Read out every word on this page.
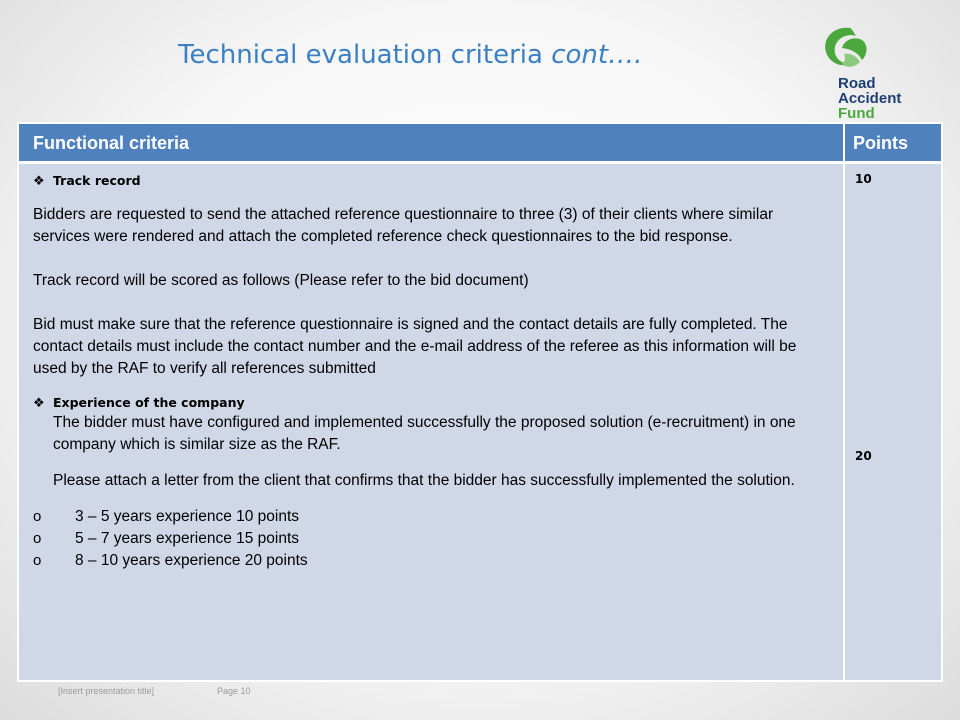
Technical evaluation criteria cont….
Road
Accident
Fund
Functional criteria	Points
❖ Track record

Bidders are requested to send the attached reference questionnaire to three (3) of their clients where similar services were rendered and attach the completed reference check questionnaires to the bid response.

Track record will be scored as follows (Please refer to the bid document)

Bid must make sure that the reference questionnaire is signed and the contact details are fully completed. The contact details must include the contact number and the e-mail address of the referee as this information will be used by the RAF to verify all references submitted

❖ Experience of the company

The bidder must have configured and implemented successfully the proposed solution (e-recruitment) in one company which is similar size as the RAF.

Please attach a letter from the client that confirms that the bidder has successfully implemented the solution.

o 3 – 5 years experience 10 points
o 5 – 7 years experience 15 points
o 8 – 10 years experience 20 points
10
20
[Insert presentation title]	Page 10
